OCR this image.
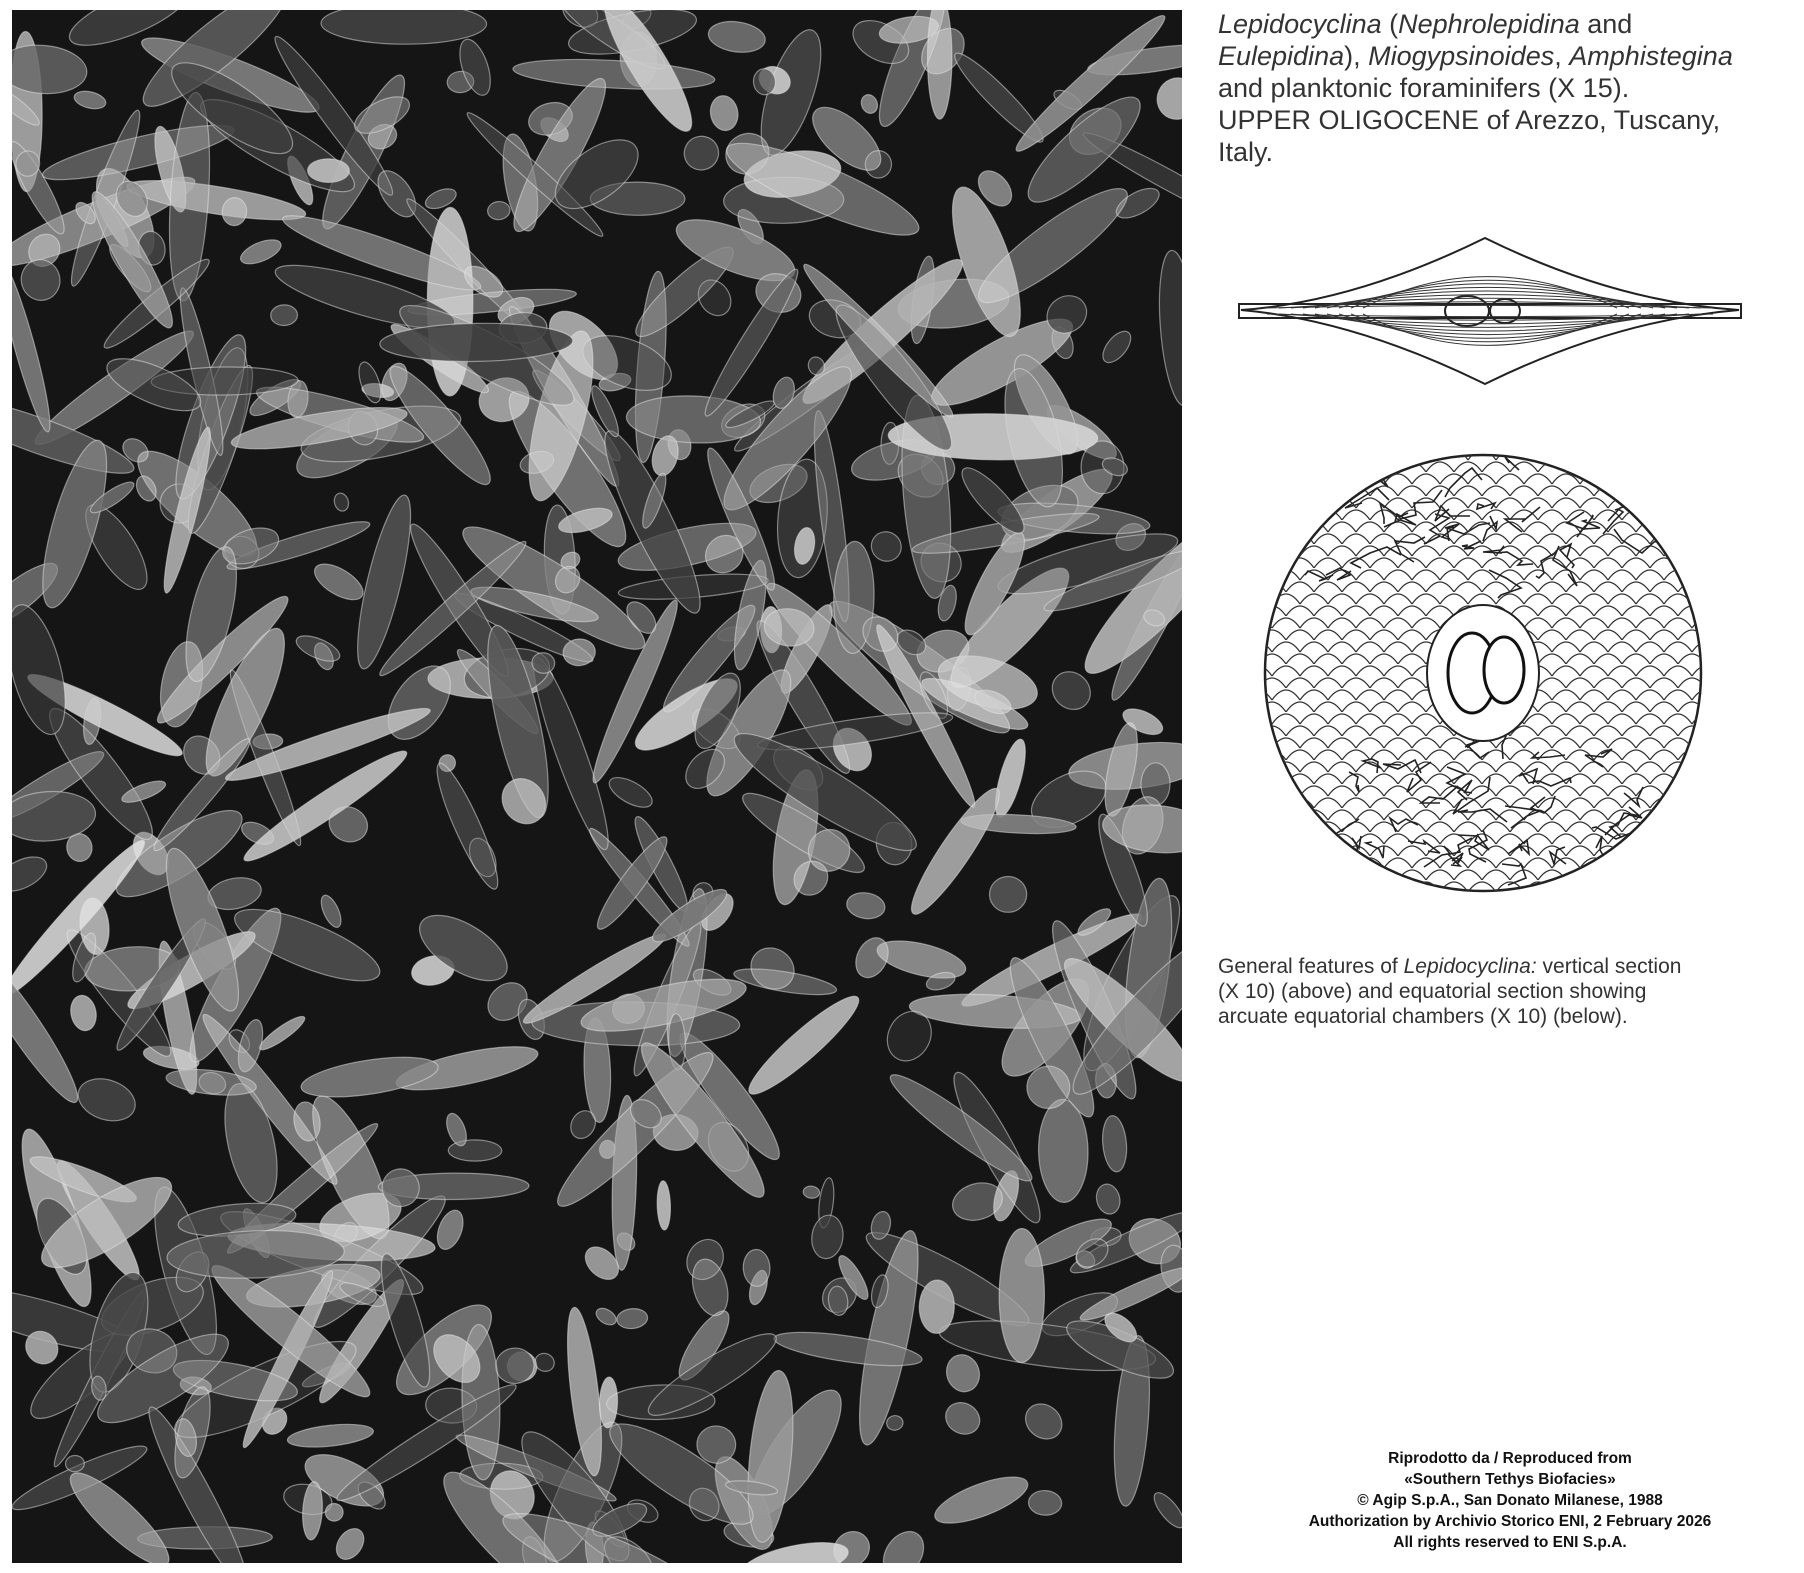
Lepidocyclina (Nephrolepidina and
Eulepidina), Miogypsinoides, Amphistegina
and planktonic foraminifers (X 15).
UPPER OLIGOCENE of Arezzo, Tuscany,
Italy.
General features of Lepidocyclina: vertical section
(X 10) (above) and equatorial section showing
arcuate equatorial chambers (X 10) (below).
Riprodotto da / Reproduced from
«Southern Tethys Biofacies»
© Agip S.p.A., San Donato Milanese, 1988
Authorization by Archivio Storico ENI, 2 February 2026
All rights reserved to ENI S.p.A.
